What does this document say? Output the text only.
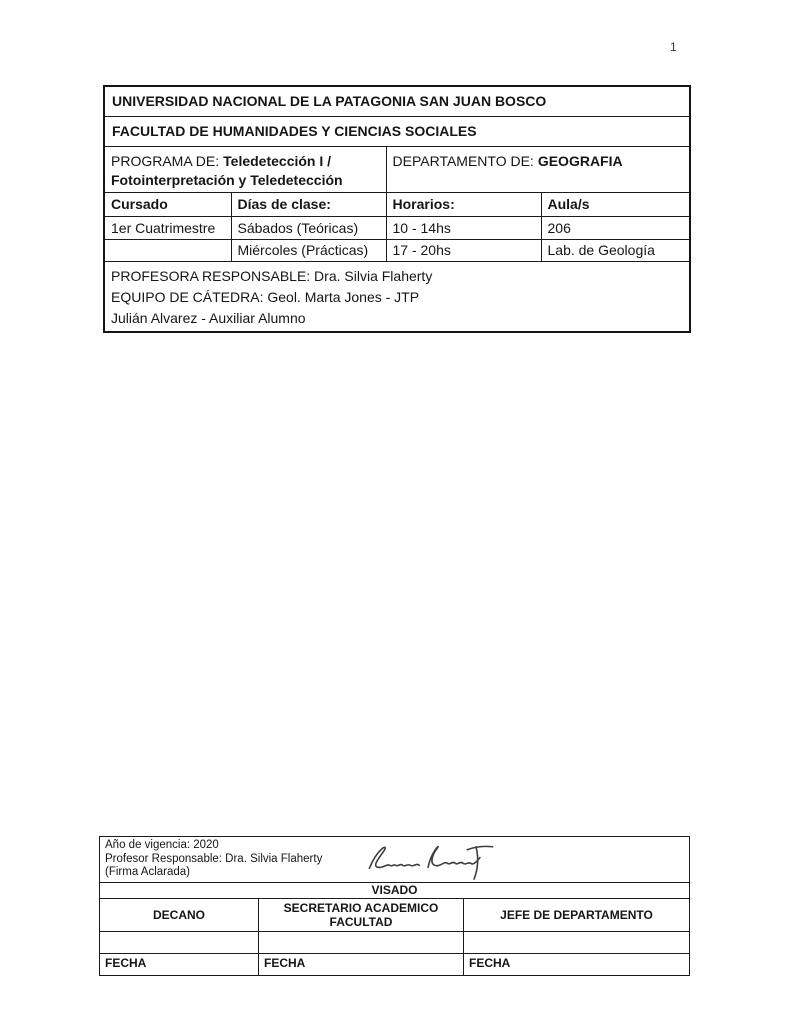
1
UNIVERSIDAD NACIONAL DE LA PATAGONIA SAN JUAN BOSCO			
FACULTAD DE HUMANIDADES Y CIENCIAS SOCIALES			
PROGRAMA DE: Teledetección I / Fotointerpretación y Teledetección		DEPARTAMENTO DE: GEOGRAFIA	
Cursado	Días de clase:	Horarios:	Aula/s
1er Cuatrimestre	Sábados (Teóricas)	10 - 14hs	206
	Miércoles (Prácticas)	17 - 20hs	Lab. de Geología

PROFESORA RESPONSABLE: Dra. Silvia Flaherty
EQUIPO DE CÁTEDRA: Geol. Marta Jones - JTP
Julián Alvarez - Auxiliar Alumno			
Año de vigencia: 2020
Profesor Responsable: Dra. Silvia Flaherty
(Firma Aclarada)		

VISADO		
DECANO	SECRETARIO ACADEMICO FACULTAD	JEFE DE DEPARTAMENTO

FECHA	FECHA	FECHA
